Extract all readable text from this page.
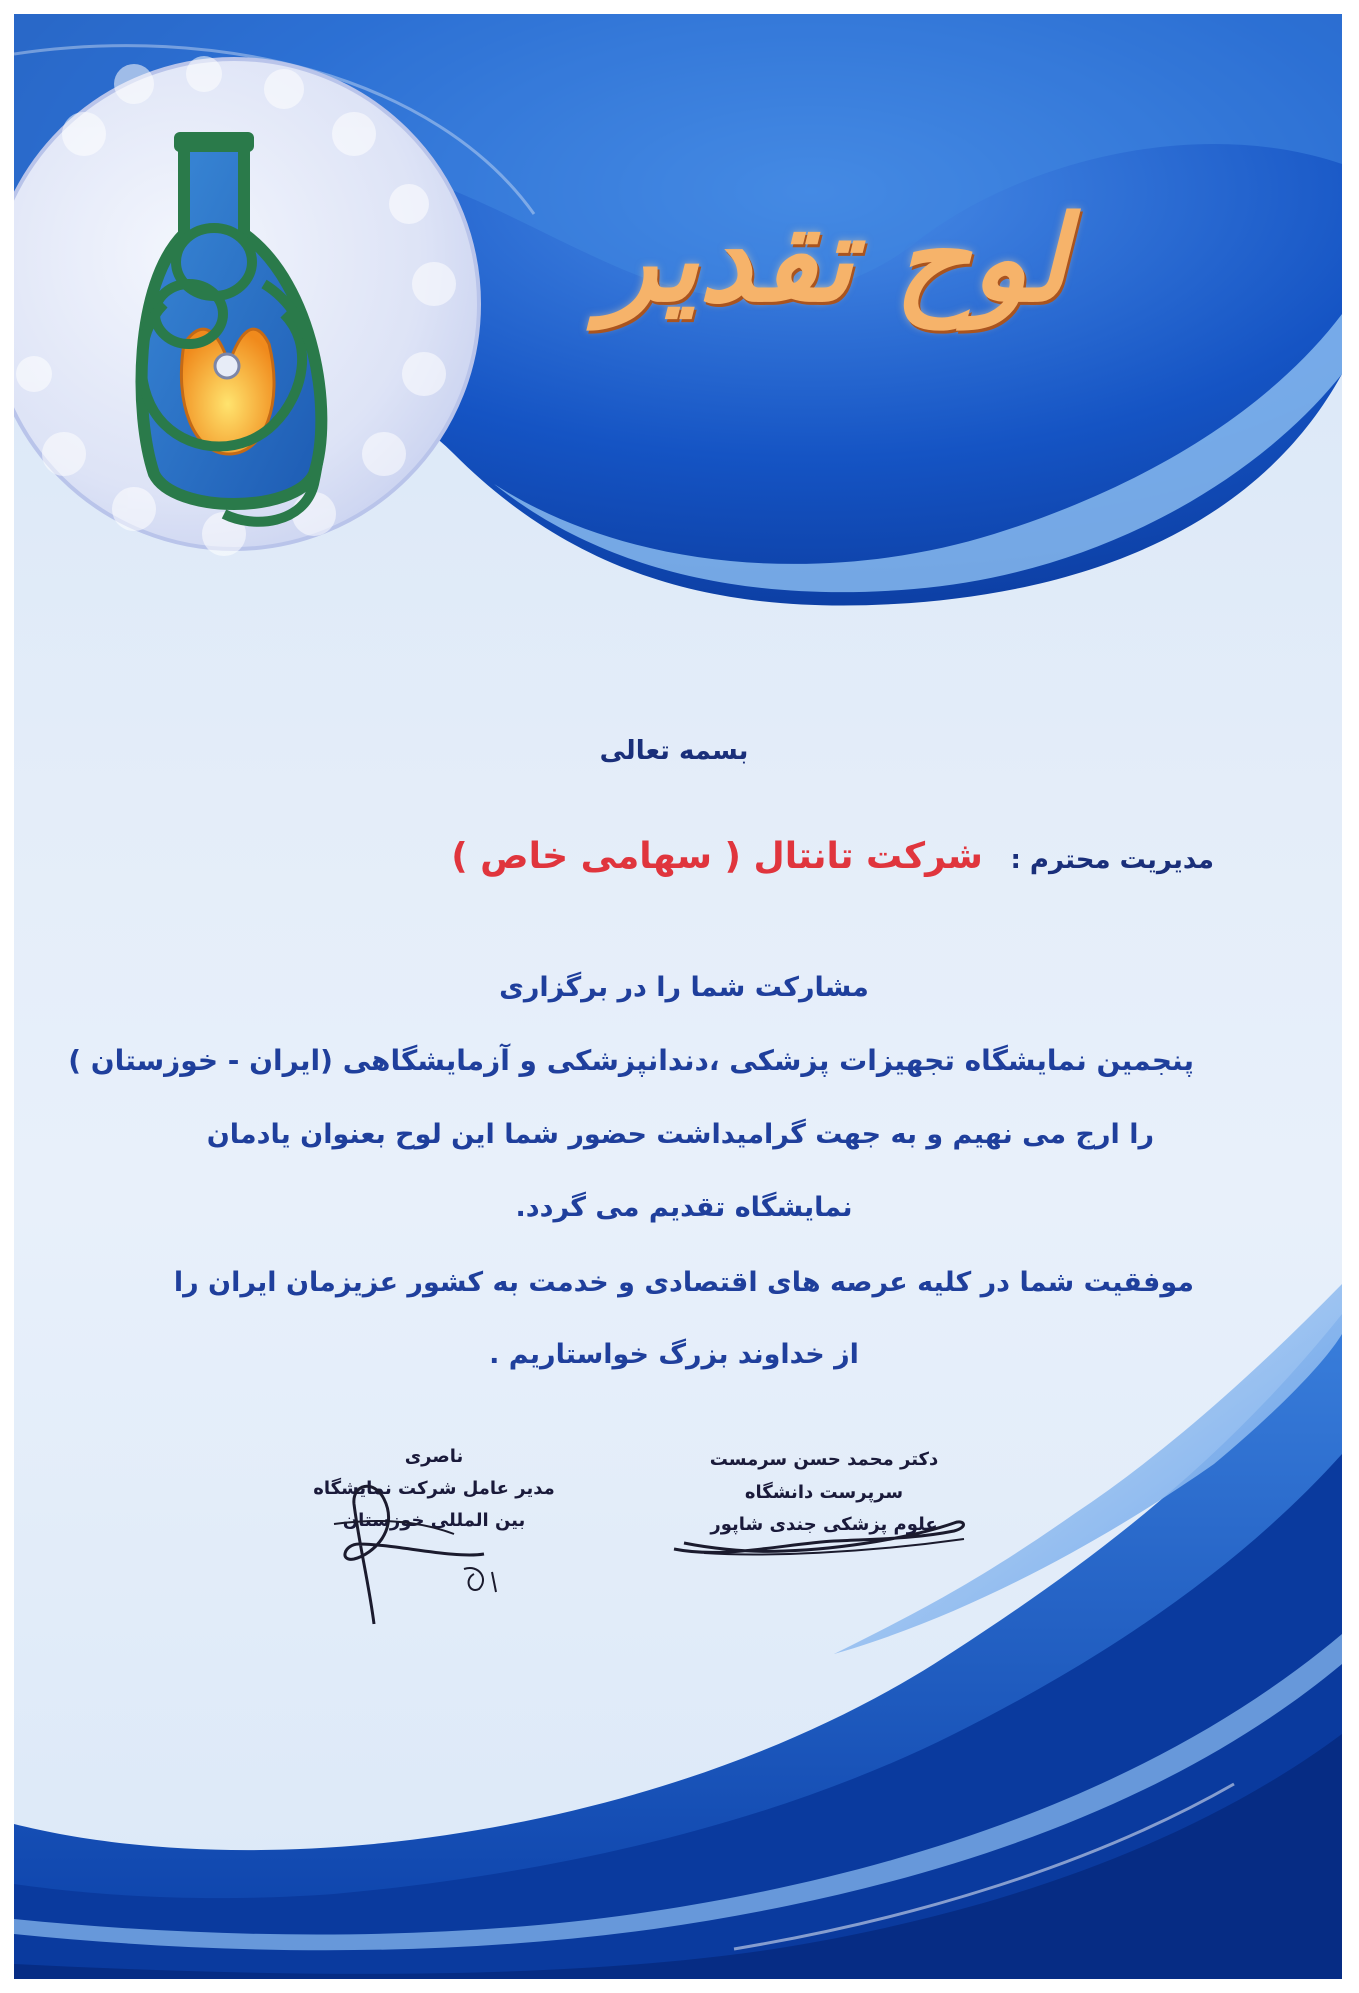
لوح تقدیر
بسمه تعالی
مدیریت محترم : شرکت تانتال ( سهامی خاص )
مشارکت شما را در برگزاری
پنجمین نمایشگاه تجهیزات پزشکی ،دندانپزشکی و آزمایشگاهی (ایران - خوزستان )
را ارج می نهیم و به جهت گرامیداشت حضور شما این لوح بعنوان یادمان
نمایشگاه تقدیم می گردد.
موفقیت شما در کلیه عرصه های اقتصادی و خدمت به کشور عزیزمان ایران را
از خداوند بزرگ خواستاریم .
دکتر محمد حسن سرمست
سرپرست دانشگاه
علوم پزشکی جندی شاپور
ناصری
مدیر عامل شرکت نمایشگاه
بین المللی خوزستان
